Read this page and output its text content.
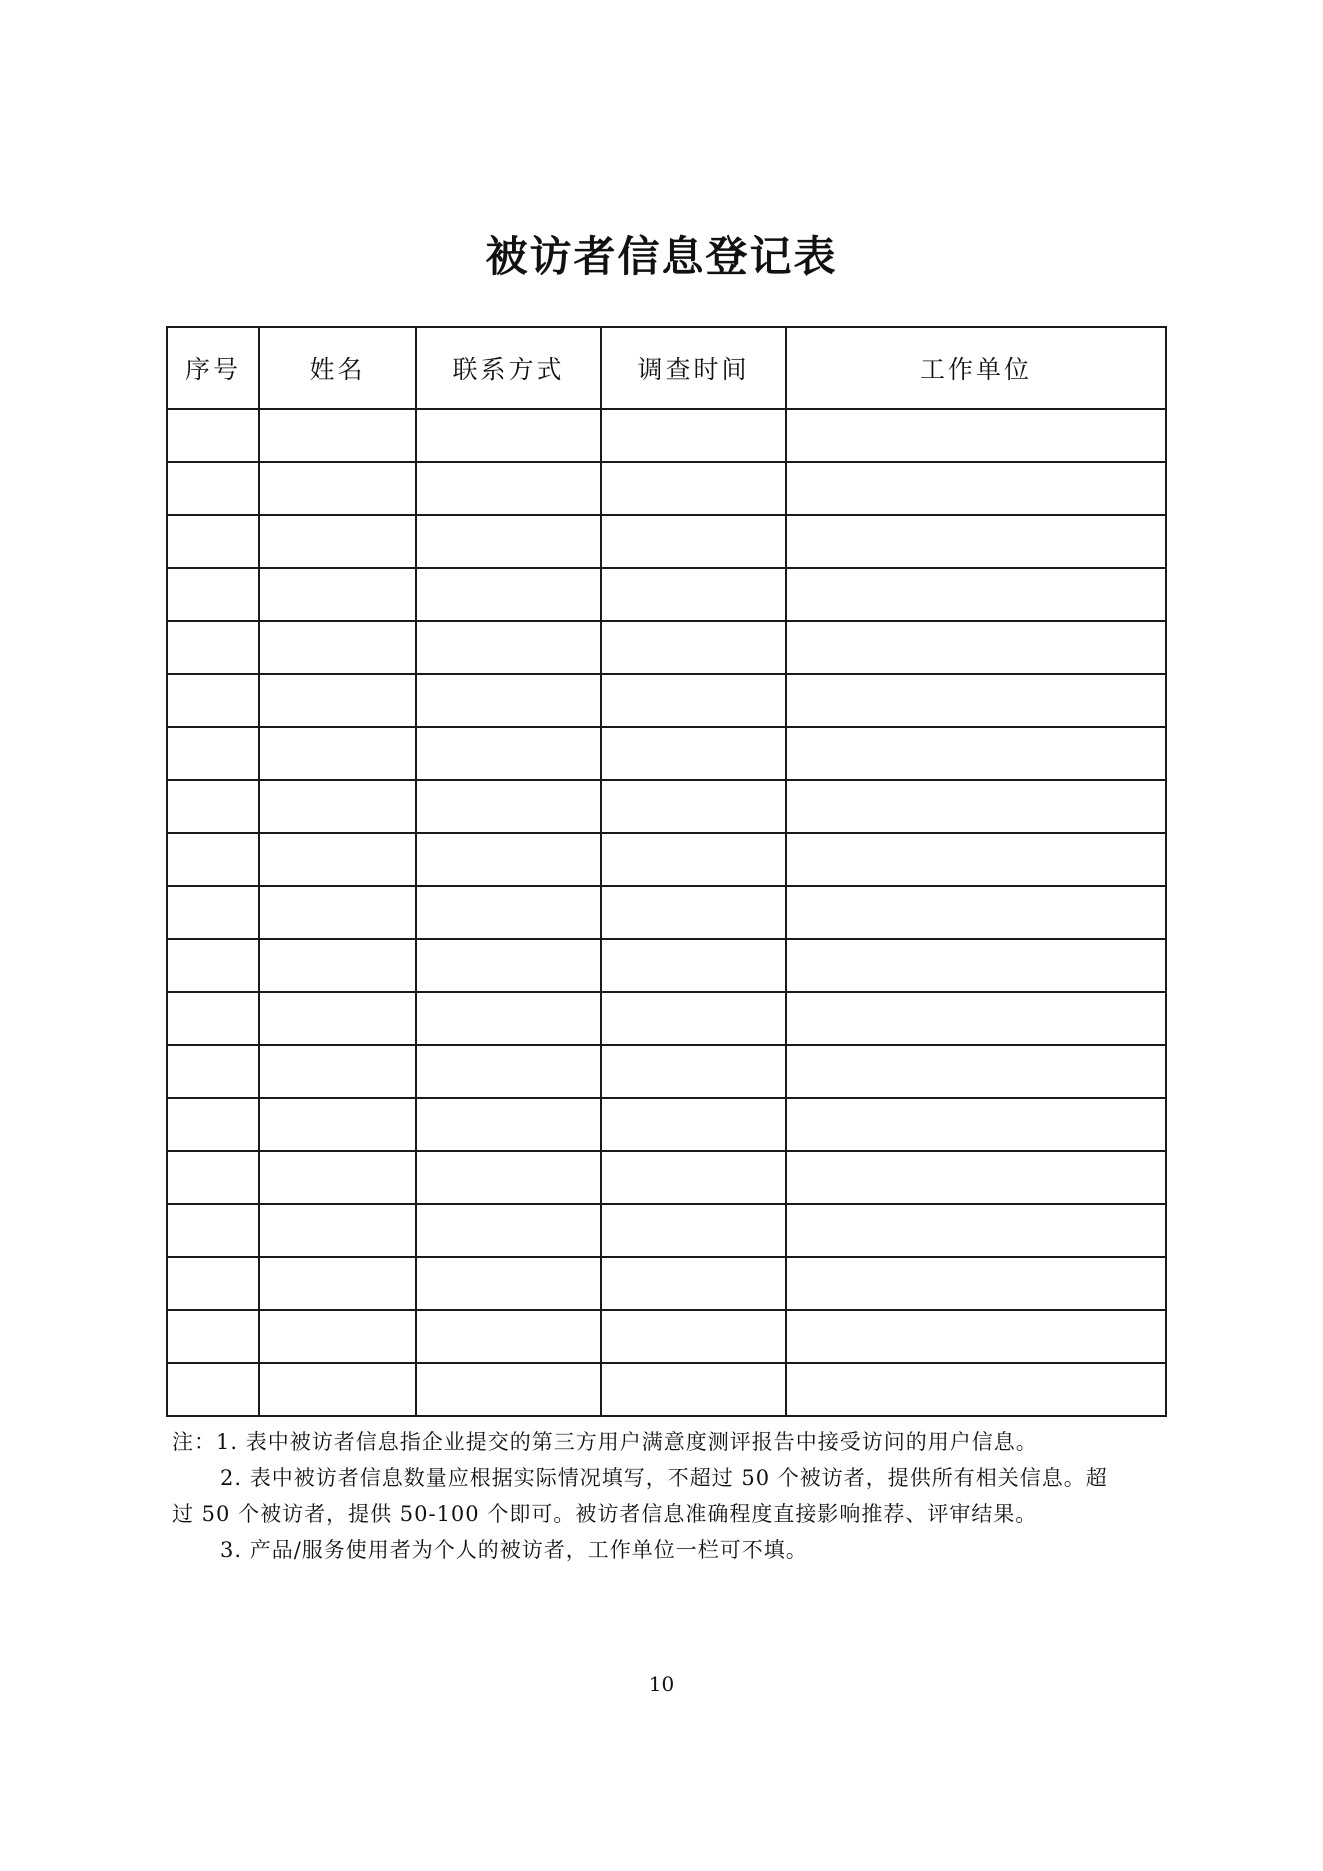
被访者信息登记表
序号	姓名	联系方式	调查时间	工作单位

注：1. 表中被访者信息指企业提交的第三方用户满意度测评报告中接受访问的用户信息。

2. 表中被访者信息数量应根据实际情况填写，不超过 50 个被访者，提供所有相关信息。超

过 50 个被访者，提供 50-100 个即可。被访者信息准确程度直接影响推荐、评审结果。

3. 产品/服务使用者为个人的被访者，工作单位一栏可不填。

10
